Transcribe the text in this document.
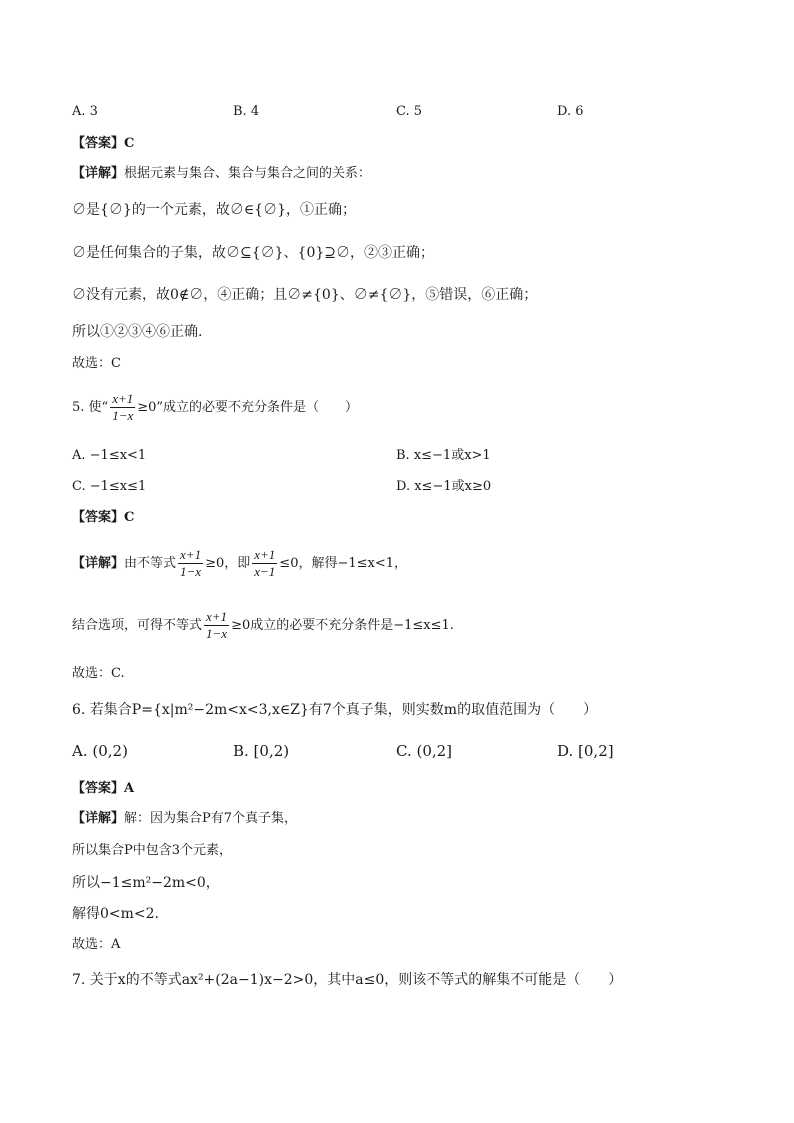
A. 3	B. 4	C. 5	D. 6
【答案】C
【详解】根据元素与集合、集合与集合之间的关系：
∅是{∅}的一个元素，故∅∈{∅}，①正确；
∅是任何集合的子集，故∅⊆{∅}、{0}⊇∅，②③正确；
∅没有元素，故0∉∅，④正确；且∅≠{0}、∅≠{∅}，⑤错误，⑥正确；
所以①②③④⑥正确.
故选：C
5. 使“ $\frac{x+1}{1-x} \ge 0$”成立的必要不充分条件是（　　）
A. −1≤x<1	B. x≤−1或x>1
C. −1≤x≤1	D. x≤−1或x≥0
【答案】C
【详解】由不等式 $\frac{x+1}{1-x} \ge 0$，即 $\frac{x+1}{x-1} \le 0$，解得−1≤x<1，
结合选项，可得不等式 $\frac{x+1}{1-x} \ge 0$成立的必要不充分条件是−1≤x≤1.
故选：C.
6. 若集合P={x|m²−2m<x<3,x∈Z}有7个真子集，则实数m的取值范围为（　　）
A. (0,2)	B. [0,2)	C. (0,2]	D. [0,2]
【答案】A
【详解】解：因为集合P有7个真子集，
所以集合P中包含3个元素，
所以−1≤m²−2m<0，
解得0<m<2.
故选：A
7. 关于x的不等式ax²+(2a−1)x−2>0，其中a≤0，则该不等式的解集不可能是（　　）
